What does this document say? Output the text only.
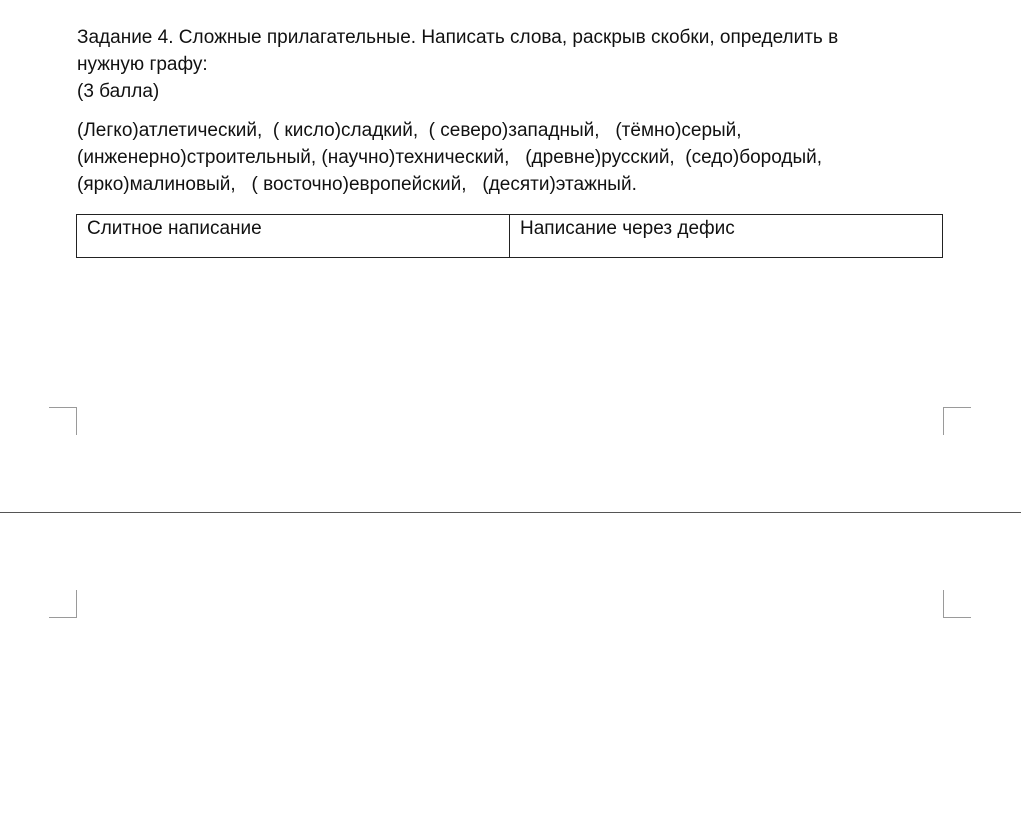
Задание 4. Сложные прилагательные. Написать слова, раскрыв скобки, определить в
нужную графу:
(3 балла)
(Легко)атлетический,  ( кисло)сладкий,  ( северо)западный,   (тёмно)серый,
(инженерно)строительный, (научно)технический,   (древне)русский,  (седо)бородый,
(ярко)малиновый,   ( восточно)европейский,   (десяти)этажный.
Слитное написание	Написание через дефис
